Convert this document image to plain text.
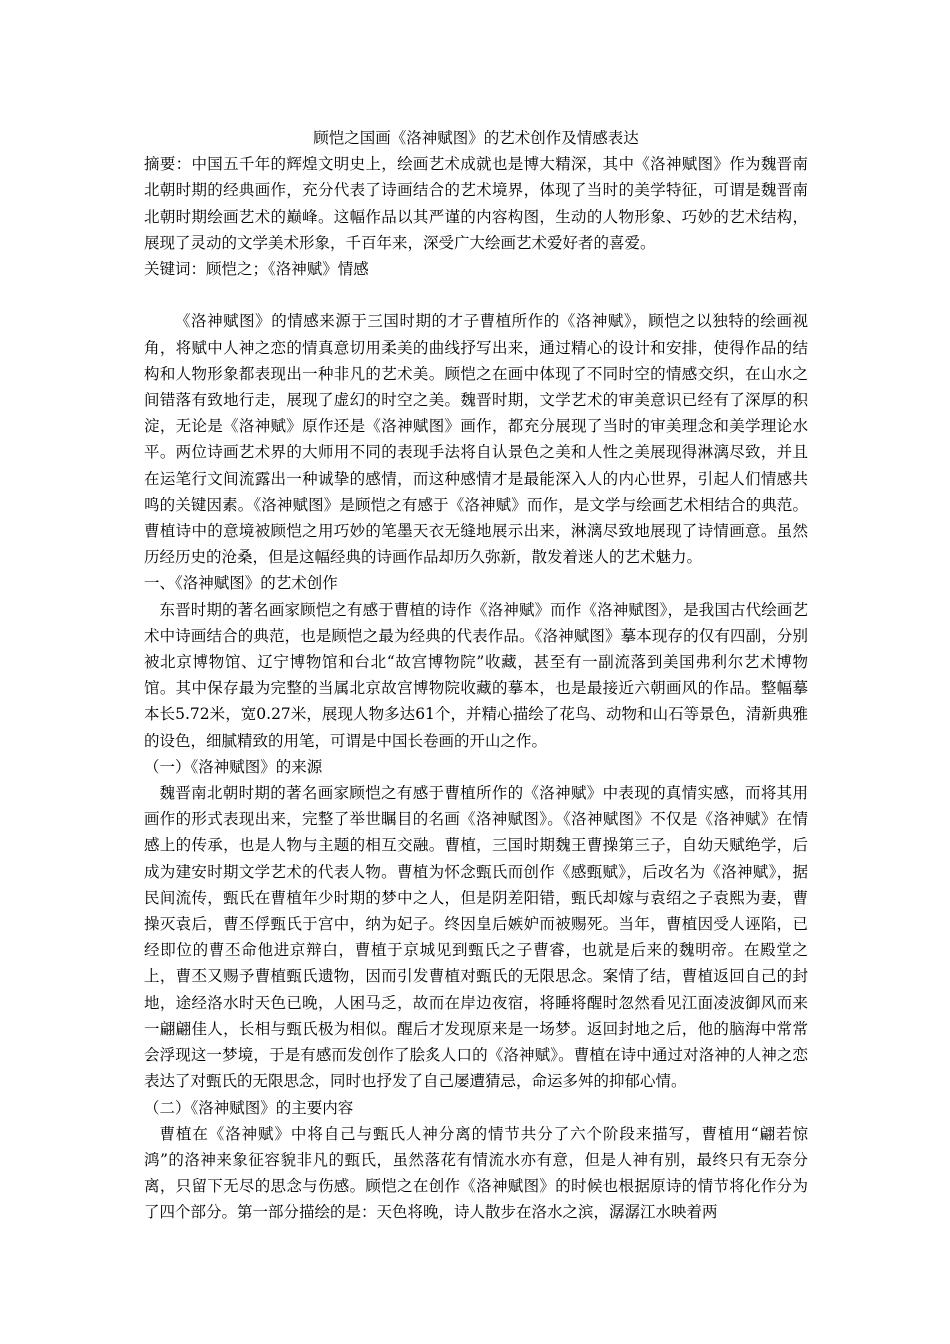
顾恺之国画《洛神赋图》的艺术创作及情感表达

摘要：中国五千年的辉煌文明史上，绘画艺术成就也是博大精深，其中《洛神赋图》作为魏晋南北朝时期的经典画作，充分代表了诗画结合的艺术境界，体现了当时的美学特征，可谓是魏晋南北朝时期绘画艺术的巅峰。这幅作品以其严谨的内容构图，生动的人物形象、巧妙的艺术结构，展现了灵动的文学美术形象，千百年来，深受广大绘画艺术爱好者的喜爱。

关键词：顾恺之；《洛神赋》情感

《洛神赋图》的情感来源于三国时期的才子曹植所作的《洛神赋》，顾恺之以独特的绘画视角，将赋中人神之恋的情真意切用柔美的曲线抒写出来，通过精心的设计和安排，使得作品的结构和人物形象都表现出一种非凡的艺术美。顾恺之在画中体现了不同时空的情感交织，在山水之间错落有致地行走，展现了虚幻的时空之美。魏晋时期，文学艺术的审美意识已经有了深厚的积淀，无论是《洛神赋》原作还是《洛神赋图》画作，都充分展现了当时的审美理念和美学理论水平。两位诗画艺术界的大师用不同的表现手法将自认景色之美和人性之美展现得淋漓尽致，并且在运笔行文间流露出一种诚挚的感情，而这种感情才是最能深入人的内心世界，引起人们情感共鸣的关键因素。《洛神赋图》是顾恺之有感于《洛神赋》而作，是文学与绘画艺术相结合的典范。曹植诗中的意境被顾恺之用巧妙的笔墨天衣无缝地展示出来，淋漓尽致地展现了诗情画意。虽然历经历史的沧桑，但是这幅经典的诗画作品却历久弥新，散发着迷人的艺术魅力。

一、《洛神赋图》的艺术创作

东晋时期的著名画家顾恺之有感于曹植的诗作《洛神赋》而作《洛神赋图》，是我国古代绘画艺术中诗画结合的典范，也是顾恺之最为经典的代表作品。《洛神赋图》摹本现存的仅有四副，分别被北京博物馆、辽宁博物馆和台北“故宫博物院”收藏，甚至有一副流落到美国弗利尔艺术博物馆。其中保存最为完整的当属北京故宫博物院收藏的摹本，也是最接近六朝画风的作品。整幅摹本长5.72米，宽0.27米，展现人物多达61个，并精心描绘了花鸟、动物和山石等景色，清新典雅的设色，细腻精致的用笔，可谓是中国长卷画的开山之作。

（一）《洛神赋图》的来源

魏晋南北朝时期的著名画家顾恺之有感于曹植所作的《洛神赋》中表现的真情实感，而将其用画作的形式表现出来，完整了举世瞩目的名画《洛神赋图》。《洛神赋图》不仅是《洛神赋》在情感上的传承，也是人物与主题的相互交融。曹植，三国时期魏王曹操第三子，自幼天赋绝学，后成为建安时期文学艺术的代表人物。曹植为怀念甄氏而创作《感甄赋》，后改名为《洛神赋》，据民间流传，甄氏在曹植年少时期的梦中之人，但是阴差阳错，甄氏却嫁与袁绍之子袁熙为妻，曹操灭袁后，曹丕俘甄氏于宫中，纳为妃子。终因皇后嫉妒而被赐死。当年，曹植因受人诬陷，已经即位的曹丕命他进京辩白，曹植于京城见到甄氏之子曹睿，也就是后来的魏明帝。在殿堂之上，曹丕又赐予曹植甄氏遗物，因而引发曹植对甄氏的无限思念。案情了结，曹植返回自己的封地，途经洛水时天色已晚，人困马乏，故而在岸边夜宿，将睡将醒时忽然看见江面凌波御风而来一翩翩佳人，长相与甄氏极为相似。醒后才发现原来是一场梦。返回封地之后，他的脑海中常常会浮现这一梦境，于是有感而发创作了脍炙人口的《洛神赋》。曹植在诗中通过对洛神的人神之恋表达了对甄氏的无限思念，同时也抒发了自己屡遭猜忌，命运多舛的抑郁心情。

（二）《洛神赋图》的主要内容

曹植在《洛神赋》中将自己与甄氏人神分离的情节共分了六个阶段来描写，曹植用“翩若惊鸿”的洛神来象征容貌非凡的甄氏，虽然落花有情流水亦有意，但是人神有别，最终只有无奈分离，只留下无尽的思念与伤感。顾恺之在创作《洛神赋图》的时候也根据原诗的情节将化作分为了四个部分。第一部分描绘的是：天色将晚，诗人散步在洛水之滨，潺潺江水映着两
